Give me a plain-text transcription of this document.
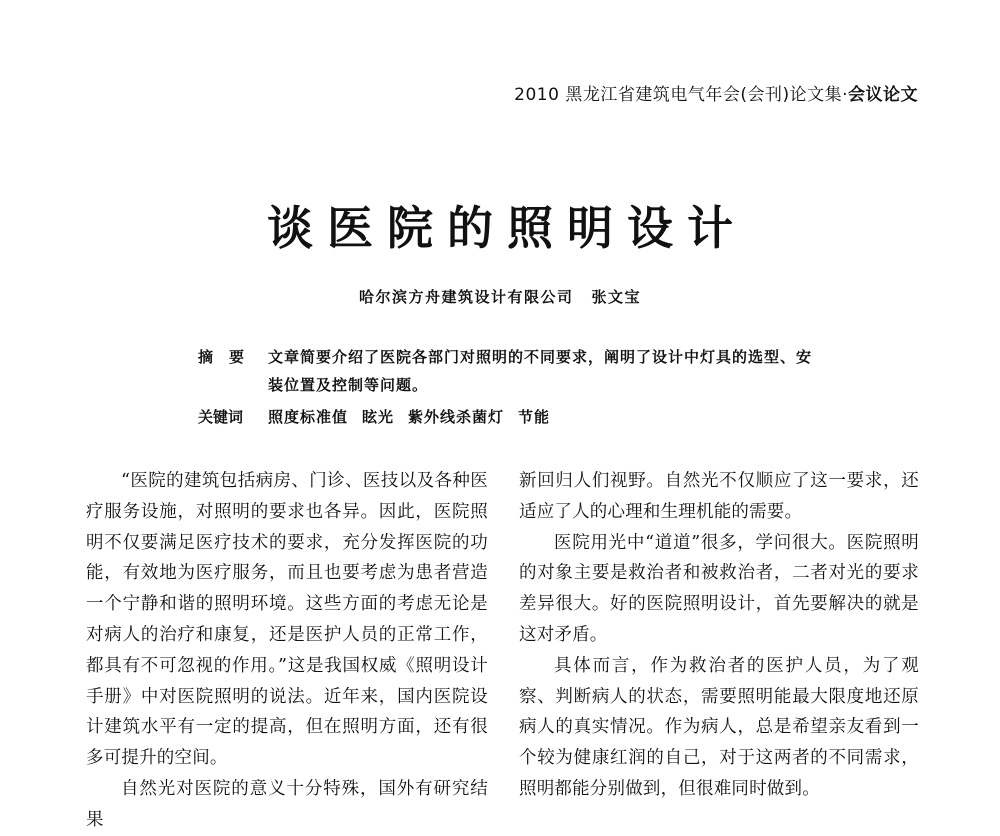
2010 黑龙江省建筑电气年会(会刊)论文集·会议论文
谈医院的照明设计
哈尔滨方舟建筑设计有限公司 张文宝
摘要 文章简要介绍了医院各部门对照明的不同要求，阐明了设计中灯具的选型、安装位置及控制等问题。
关键词	照度标准值 眩光 紫外线杀菌灯 节能

“医院的建筑包括病房、门诊、医技以及各种医疗服务设施，对照明的要求也各异。因此，医院照明不仅要满足医疗技术的要求，充分发挥医院的功能，有效地为医疗服务，而且也要考虑为患者营造一个宁静和谐的照明环境。这些方面的考虑无论是对病人的治疗和康复，还是医护人员的正常工作，都具有不可忽视的作用。”这是我国权威《照明设计手册》中对医院照明的说法。近年来，国内医院设计建筑水平有一定的提高，但在照明方面，还有很多可提升的空间。

自然光对医院的意义十分特殊，国外有研究结果

新回归人们视野。自然光不仅顺应了这一要求，还适应了人的心理和生理机能的需要。

医院用光中“道道”很多，学问很大。医院照明的对象主要是救治者和被救治者，二者对光的要求差异很大。好的医院照明设计，首先要解决的就是这对矛盾。

具体而言，作为救治者的医护人员，为了观察、判断病人的状态，需要照明能最大限度地还原病人的真实情况。作为病人，总是希望亲友看到一个较为健康红润的自己，对于这两者的不同需求，照明都能分别做到，但很难同时做到。
